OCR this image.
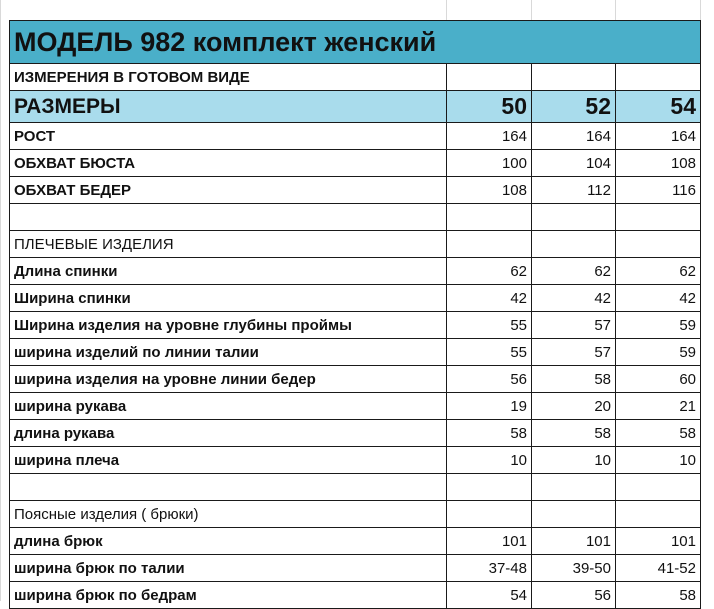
МОДЕЛЬ 982 комплект женский			
ИЗМЕРЕНИЯ В ГОТОВОМ ВИДЕ			
РАЗМЕРЫ	50	52	54
РОСТ	164	164	164
ОБХВАТ БЮСТА	100	104	108
ОБХВАТ БЕДЕР	108	112	116

ПЛЕЧЕВЫЕ ИЗДЕЛИЯ			
Длина спинки	62	62	62
Ширина спинки	42	42	42
Ширина изделия на уровне глубины проймы	55	57	59
ширина изделий по линии талии	55	57	59
ширина изделия на уровне линии бедер	56	58	60
ширина рукава	19	20	21
длина рукава	58	58	58
ширина плеча	10	10	10

Поясные изделия ( брюки)			
длина брюк	101	101	101
ширина брюк по талии	37-48	39-50	41-52
ширина брюк по бедрам	54	56	58
